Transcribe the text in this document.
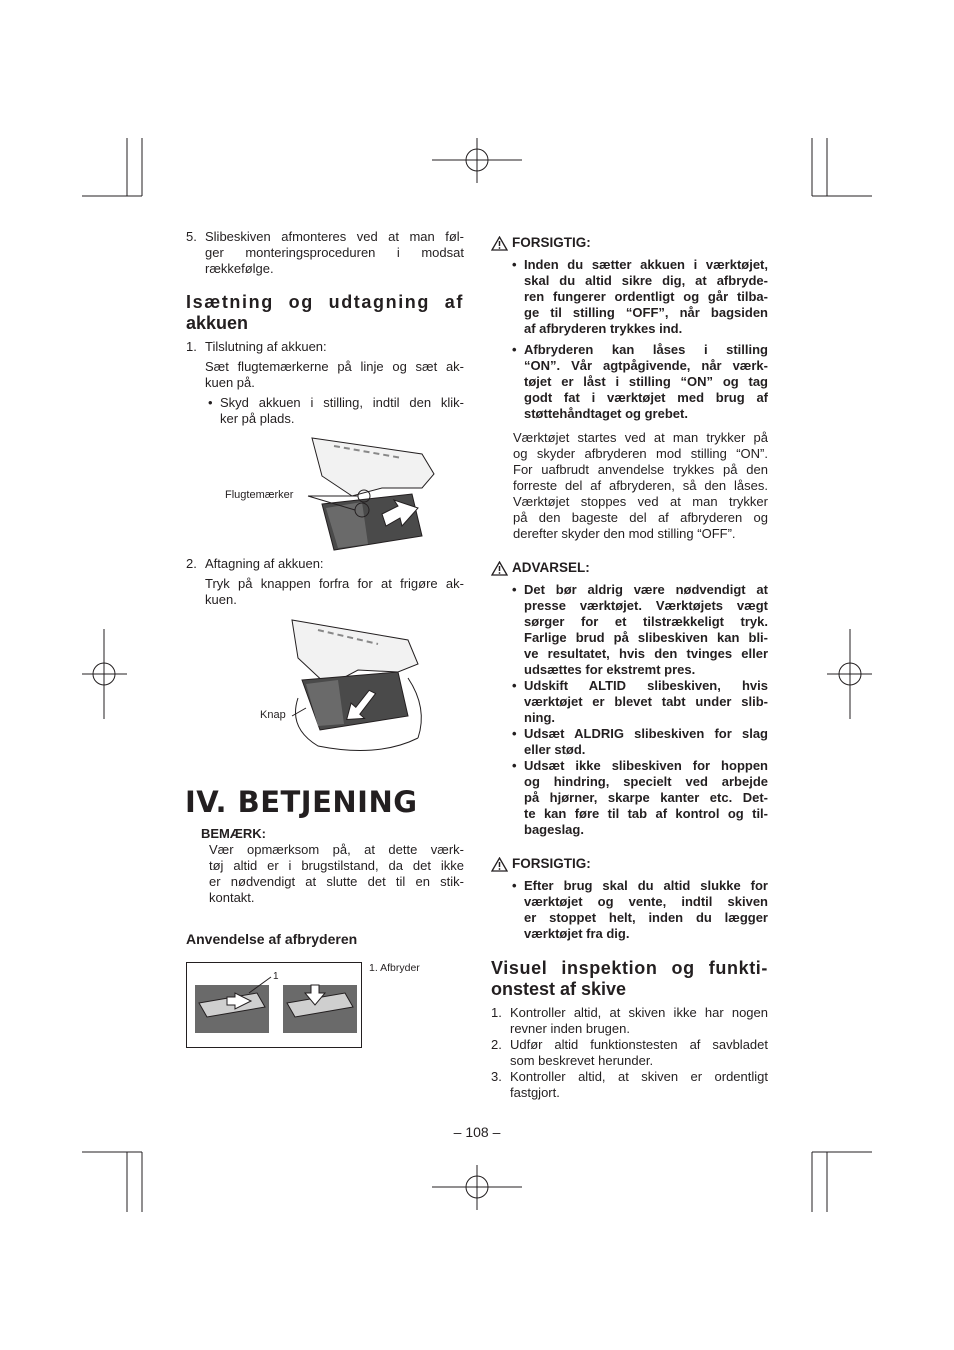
5. Slibeskiven afmonteres ved at man føl-
ger monteringsproceduren i modsat
rækkefølge.
Isætning og udtagning af
akkuen
1. Tilslutning af akkuen:
Sæt flugtemærkerne på linje og sæt ak-
kuen på.
• Skyd akkuen i stilling, indtil den klik-
ker på plads.
Flugtemærker
2. Aftagning af akkuen:
Tryk på knappen forfra for at frigøre ak-
kuen.
Knap
IV. BETJENING
BEMÆRK:
Vær opmærksom på, at dette værk-
tøj altid er i brugstilstand, da det ikke
er nødvendigt at slutte det til en stik-
kontakt.
Anvendelse af afbryderen
1
1. Afbryder
FORSIGTIG:
• Inden du sætter akkuen i værktøjet,
skal du altid sikre dig, at afbryde-
ren fungerer ordentligt og går tilba-
ge til stilling “OFF”, når bagsiden
af afbryderen trykkes ind.
• Afbryderen kan låses i stilling
“ON”. Vår agtpågivende, når værk-
tøjet er låst i stilling “ON” og tag
godt fat i værktøjet med brug af
støttehåndtaget og grebet.
Værktøjet startes ved at man trykker på
og skyder afbryderen mod stilling “ON”.
For uafbrudt anvendelse trykkes på den
forreste del af afbryderen, så den låses.
Værktøjet stoppes ved at man trykker
på den bageste del af afbryderen og
derefter skyder den mod stilling “OFF”.
ADVARSEL:
• Det bør aldrig være nødvendigt at
presse værktøjet. Værktøjets vægt
sørger for et tilstrækkeligt tryk.
Farlige brud på slibeskiven kan bli-
ve resultatet, hvis den tvinges eller
udsættes for ekstremt pres.
• Udskift ALTID slibeskiven, hvis
værktøjet er blevet tabt under slib-
ning.
• Udsæt ALDRIG slibeskiven for slag
eller stød.
• Udsæt ikke slibeskiven for hoppen
og hindring, specielt ved arbejde
på hjørner, skarpe kanter etc. Det-
te kan føre til tab af kontrol og til-
bageslag.
FORSIGTIG:
• Efter brug skal du altid slukke for
værktøjet og vente, indtil skiven
er stoppet helt, inden du lægger
værktøjet fra dig.
Visuel inspektion og funkti-
onstest af skive
1. Kontroller altid, at skiven ikke har nogen
revner inden brugen.
2. Udfør altid funktionstesten af savbladet
som beskrevet herunder.
3. Kontroller altid, at skiven er ordentligt
fastgjort.
– 108 –
